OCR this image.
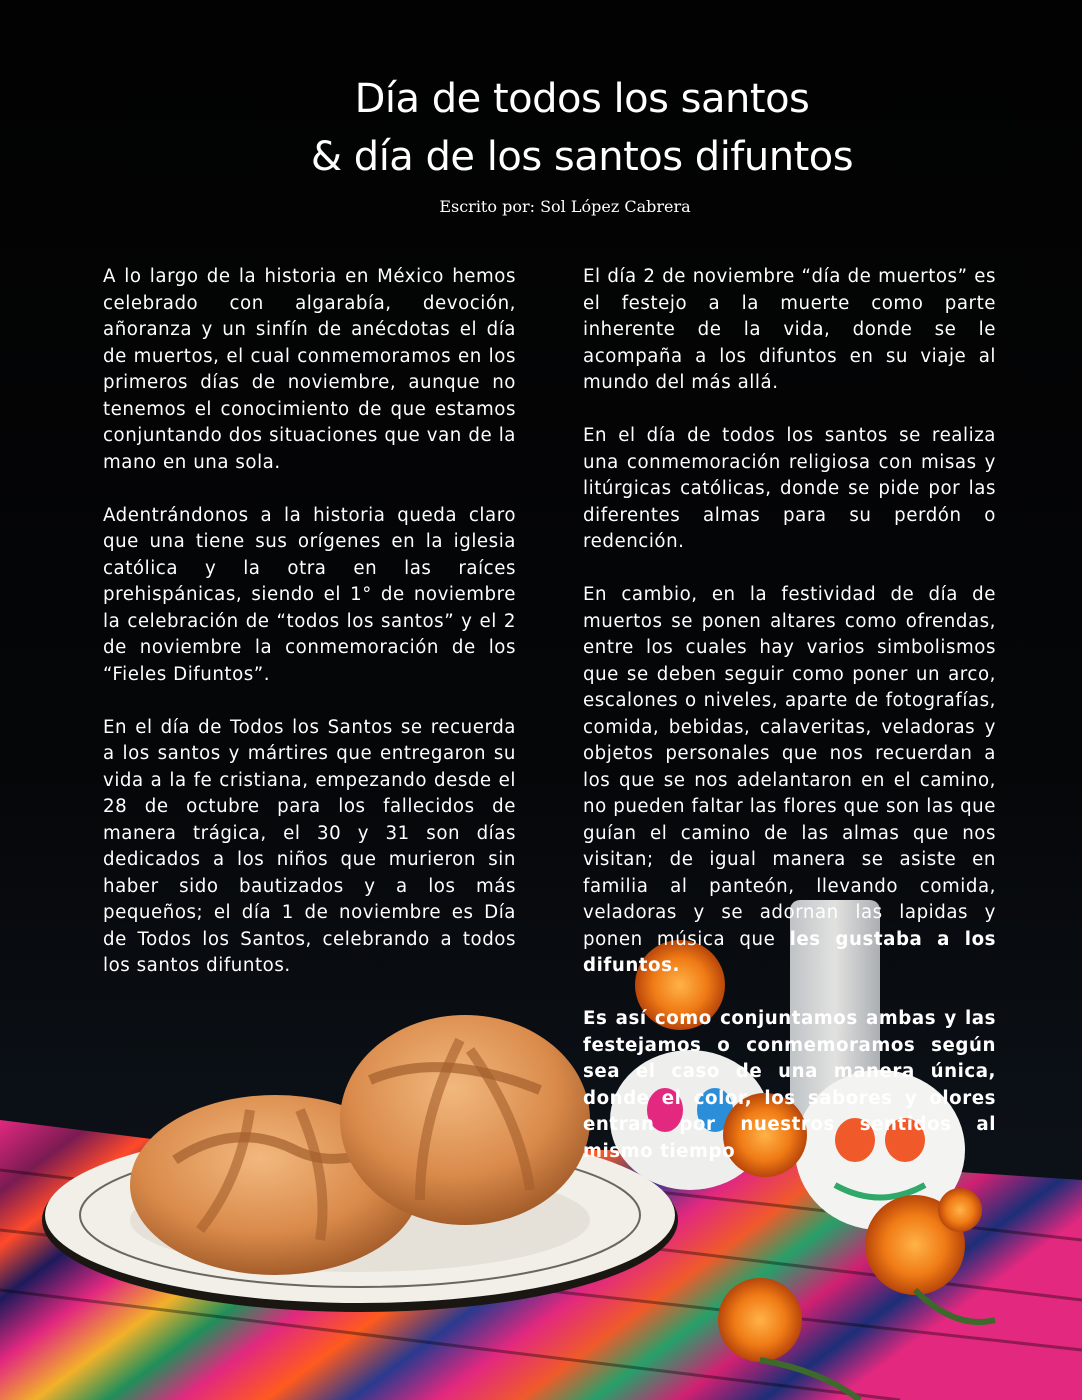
Día de todos los santos
& día de los santos difuntos
Escrito por: Sol López Cabrera

A lo largo de la historia en México hemos celebrado con algarabía, devoción, añoranza y un sinfín de anécdotas el día de muertos, el cual conmemoramos en los primeros días de noviembre, aunque no tenemos el conocimiento de que estamos conjuntando dos situaciones que van de la mano en una sola.

Adentrándonos a la historia queda claro que una tiene sus orígenes en la iglesia católica y la otra en las raíces prehispánicas, siendo el 1° de noviembre la celebración de “todos los santos” y el 2 de noviembre la conmemoración de los “Fieles Difuntos”.

En el día de Todos los Santos se recuerda a los santos y mártires que entregaron su vida a la fe cristiana, empezando desde el 28 de octubre para los fallecidos de manera trágica, el 30 y 31 son días dedicados a los niños que murieron sin haber sido bautizados y a los más pequeños; el día 1 de noviembre es Día de Todos los Santos, celebrando a todos los santos difuntos.

El día 2 de noviembre “día de muertos” es el festejo a la muerte como parte inherente de la vida, donde se le acompaña a los difuntos en su viaje al mundo del más allá.

En el día de todos los santos se realiza una conmemoración religiosa con misas y litúrgicas católicas, donde se pide por las diferentes almas para su perdón o redención.

En cambio, en la festividad de día de muertos se ponen altares como ofrendas, entre los cuales hay varios simbolismos que se deben seguir como poner un arco, escalones o niveles, aparte de fotografías, comida, bebidas, calaveritas, veladoras y objetos personales que nos recuerdan a los que se nos adelantaron en el camino, no pueden faltar las flores que son las que guían el camino de las almas que nos visitan; de igual manera se asiste en familia al panteón, llevando comida, veladoras y se adornan las lapidas y ponen música que les gustaba a los difuntos.

Es así como conjuntamos ambas y las festejamos o conmemoramos según sea el caso de una manera única, donde el color, los sabores y olores entran por nuestros sentidos al mismo tiempo
